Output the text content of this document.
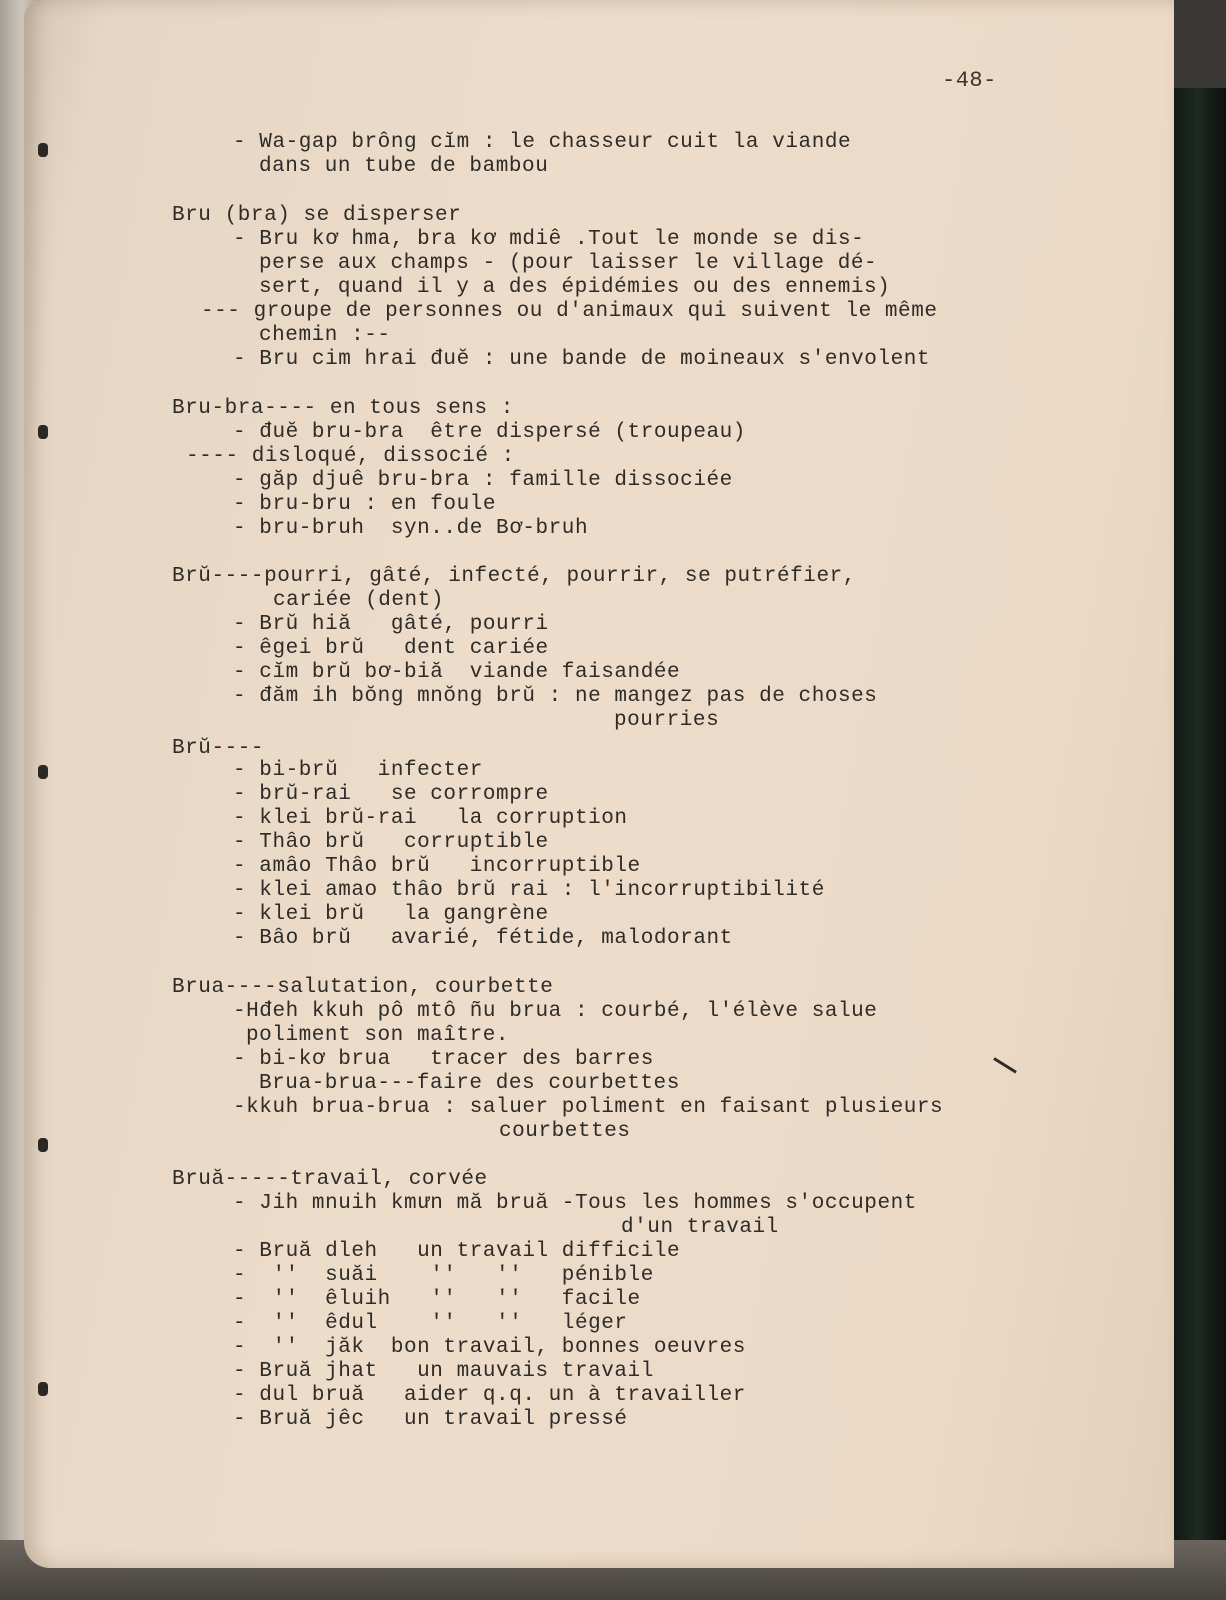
-48-
- Wa-gap brông cĭm : le chasseur cuit la viande
dans un tube de bambou
Bru (bra) se disperser
- Bru kơ hma, bra kơ mdiê .Tout le monde se dis-
perse aux champs - (pour laisser le village dé-
sert, quand il y a des épidémies ou des ennemis)
--- groupe de personnes ou d'animaux qui suivent le même
chemin :--
- Bru cim hrai đuĕ : une bande de moineaux s'envolent
Bru-bra---- en tous sens :
- đuĕ bru-bra  être dispersé (troupeau)
---- disloqué, dissocié :
- găp djuê bru-bra : famille dissociée
- bru-bru : en foule
- bru-bruh  syn..de Bơ-bruh
Brŭ----pourri, gâté, infecté, pourrir, se putréfier,
cariée (dent)
- Brŭ hiă   gâté, pourri
- êgei brŭ   dent cariée
- cĭm brŭ bơ-biă  viande faisandée
- đăm ih bŏng mnŏng brŭ : ne mangez pas de choses
pourries
Brŭ----
- bi-brŭ   infecter
- brŭ-rai   se corrompre
- klei brŭ-rai   la corruption
- Thâo brŭ   corruptible
- amâo Thâo brŭ   incorruptible
- klei amao thâo brŭ rai : l'incorruptibilité
- klei brŭ   la gangrène
- Bâo brŭ   avarié, fétide, malodorant
Brua----salutation, courbette
-Hđeh kkuh pô mtô ñu brua : courbé, l'élève salue
poliment son maître.
- bi-kơ brua   tracer des barres
Brua-brua---faire des courbettes
-kkuh brua-brua : saluer poliment en faisant plusieurs
courbettes
Bruă-----travail, corvée
- Jih mnuih kmưn mă bruă -Tous les hommes s'occupent
d'un travail
- Bruă dleh   un travail difficile
-  ''  suăi    ''   ''   pénible
-  ''  êluih   ''   ''   facile
-  ''  êdul    ''   ''   léger
-  ''  jăk  bon travail, bonnes oeuvres
- Bruă jhat   un mauvais travail
- dul bruă   aider q.q. un à travailler
- Bruă jêc   un travail pressé
